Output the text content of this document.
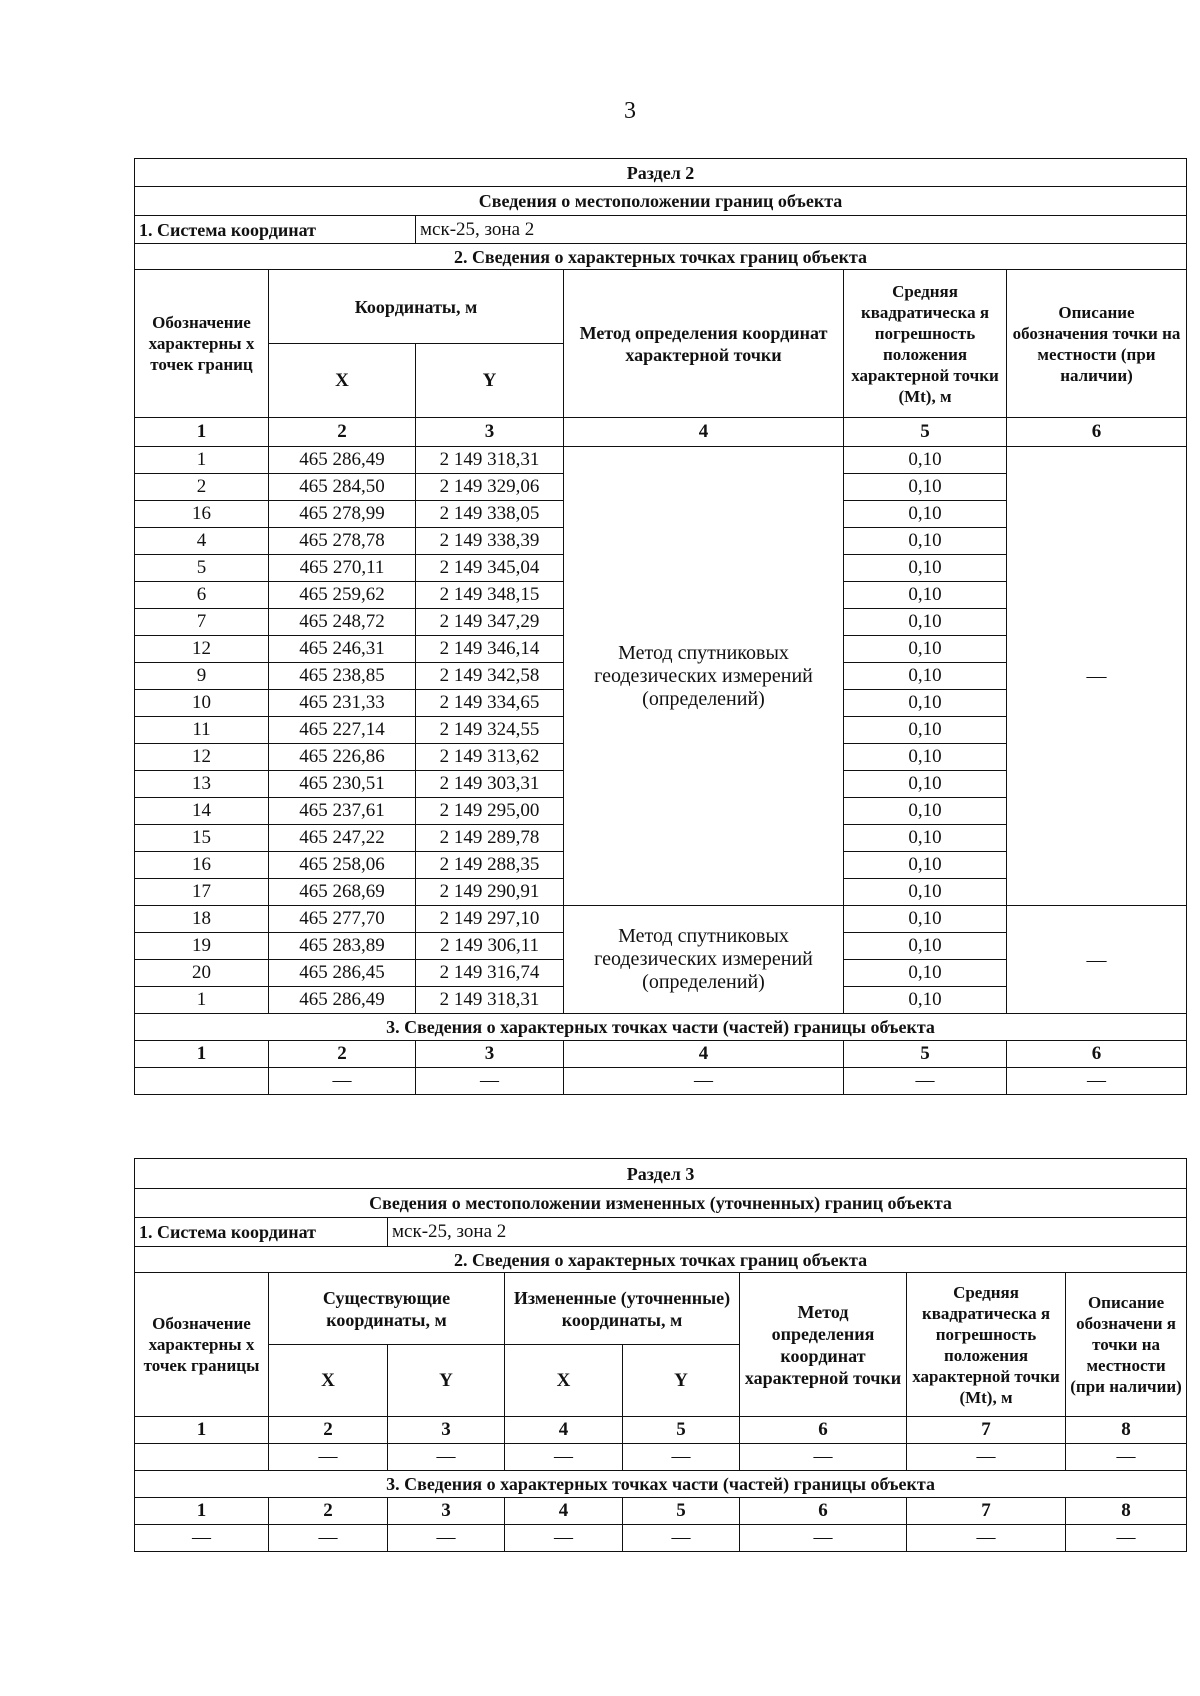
3
Раздел 2					
Сведения о местоположении границ объекта					
1. Система координат		мск-25, зона 2			
2. Сведения о характерных точках границ объекта					
Обозначение характерны х точек границ	Координаты, м		Метод определения координат характерной точки	Средняя квадратическа я погрешность положения характерной точки (Mt), м	Описание обозначения точки на местности (при наличии)
	X	Y			
1	2	3	4	5	6
1	465 286,49	2 149 318,31	Метод спутниковых геодезических измерений (определений)	0,10	—
2	465 284,50	2 149 329,06		0,10	
16	465 278,99	2 149 338,05		0,10	
4	465 278,78	2 149 338,39		0,10	
5	465 270,11	2 149 345,04		0,10	
6	465 259,62	2 149 348,15		0,10	
7	465 248,72	2 149 347,29		0,10	
12	465 246,31	2 149 346,14		0,10	
9	465 238,85	2 149 342,58		0,10	
10	465 231,33	2 149 334,65		0,10	
11	465 227,14	2 149 324,55		0,10	
12	465 226,86	2 149 313,62		0,10	
13	465 230,51	2 149 303,31		0,10	
14	465 237,61	2 149 295,00		0,10	
15	465 247,22	2 149 289,78		0,10	
16	465 258,06	2 149 288,35		0,10	
17	465 268,69	2 149 290,91		0,10	
18	465 277,70	2 149 297,10	Метод спутниковых геодезических измерений (определений)	0,10	—
19	465 283,89	2 149 306,11		0,10	
20	465 286,45	2 149 316,74		0,10	
1	465 286,49	2 149 318,31		0,10	
3. Сведения о характерных точках части (частей) границы объекта					
1	2	3	4	5	6
	—	—	—	—	—
Раздел 3							
Сведения о местоположении измененных (уточненных) границ объекта							
1. Система координат		мск-25, зона 2					
2. Сведения о характерных точках границ объекта							
Обозначение характерны х точек границы	Существующие координаты, м		Измененные (уточненные) координаты, м		Метод определения координат характерной точки	Средняя квадратическа я погрешность положения характерной точки (Mt), м	Описание обозначени я точки на местности (при наличии)
	X	Y	X	Y			
1	2	3	4	5	6	7	8
	—	—	—	—	—	—	—
3. Сведения о характерных точках части (частей) границы объекта							
1	2	3	4	5	6	7	8
—	—	—	—	—	—	—	—
